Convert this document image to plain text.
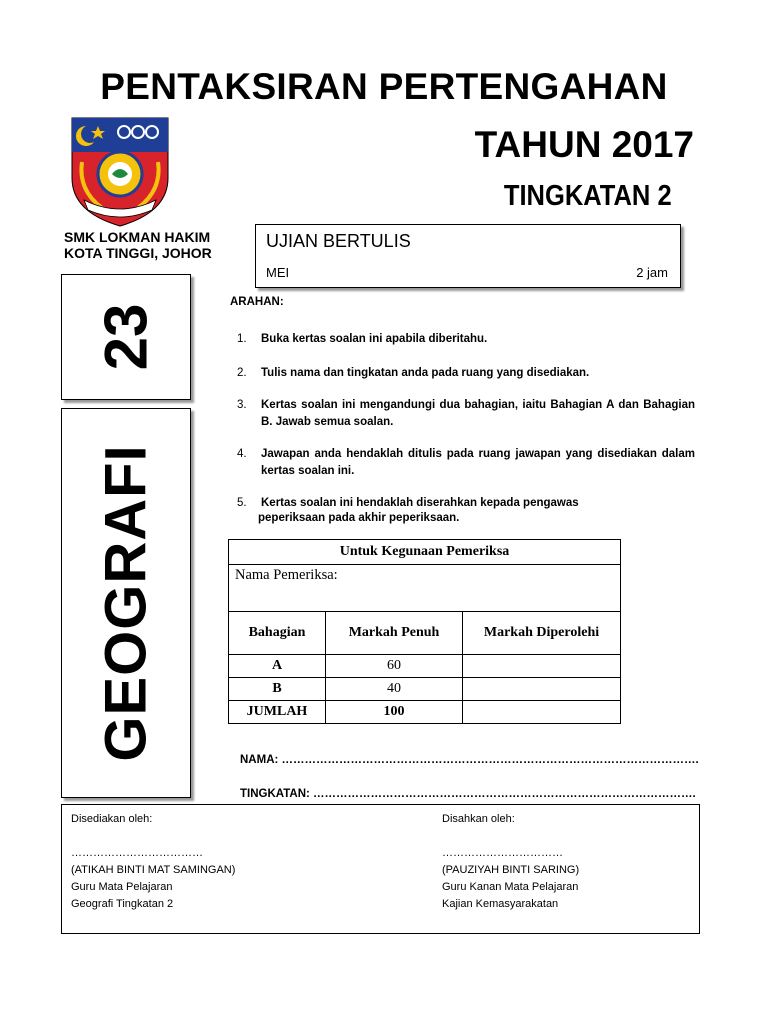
PENTAKSIRAN PERTENGAHAN
TAHUN 2017
TINGKATAN 2
SMK LOKMAN HAKIM
KOTA TINGGI, JOHOR
UJIAN BERTULIS
MEI	2 jam
23
GEOGRAFI
ARAHAN:
1. Buka kertas soalan ini apabila diberitahu.
2. Tulis nama dan tingkatan anda pada ruang yang disediakan.
3. Kertas soalan ini mengandungi dua bahagian, iaitu Bahagian A dan Bahagian B. Jawab semua soalan.
4. Jawapan anda hendaklah ditulis pada ruang jawapan yang disediakan dalam kertas soalan ini.
5. Kertas soalan ini hendaklah diserahkan kepada pengawas
peperiksaan pada akhir peperiksaan.
Untuk Kegunaan Pemeriksa		
Nama Pemeriksa:		
Bahagian	Markah Penuh	Markah Diperolehi
A	60	
B	40	
JUMLAH	100	
NAMA: ……………………………………………………………………………………………….
TINGKATAN: ……………………………………………………………………………………….
Disediakan oleh:
………………………………
(ATIKAH BINTI MAT SAMINGAN)
Guru Mata Pelajaran
Geografi Tingkatan 2
Disahkan oleh:
……………………………
(PAUZIYAH BINTI SARING)
Guru Kanan Mata Pelajaran
Kajian Kemasyarakatan
